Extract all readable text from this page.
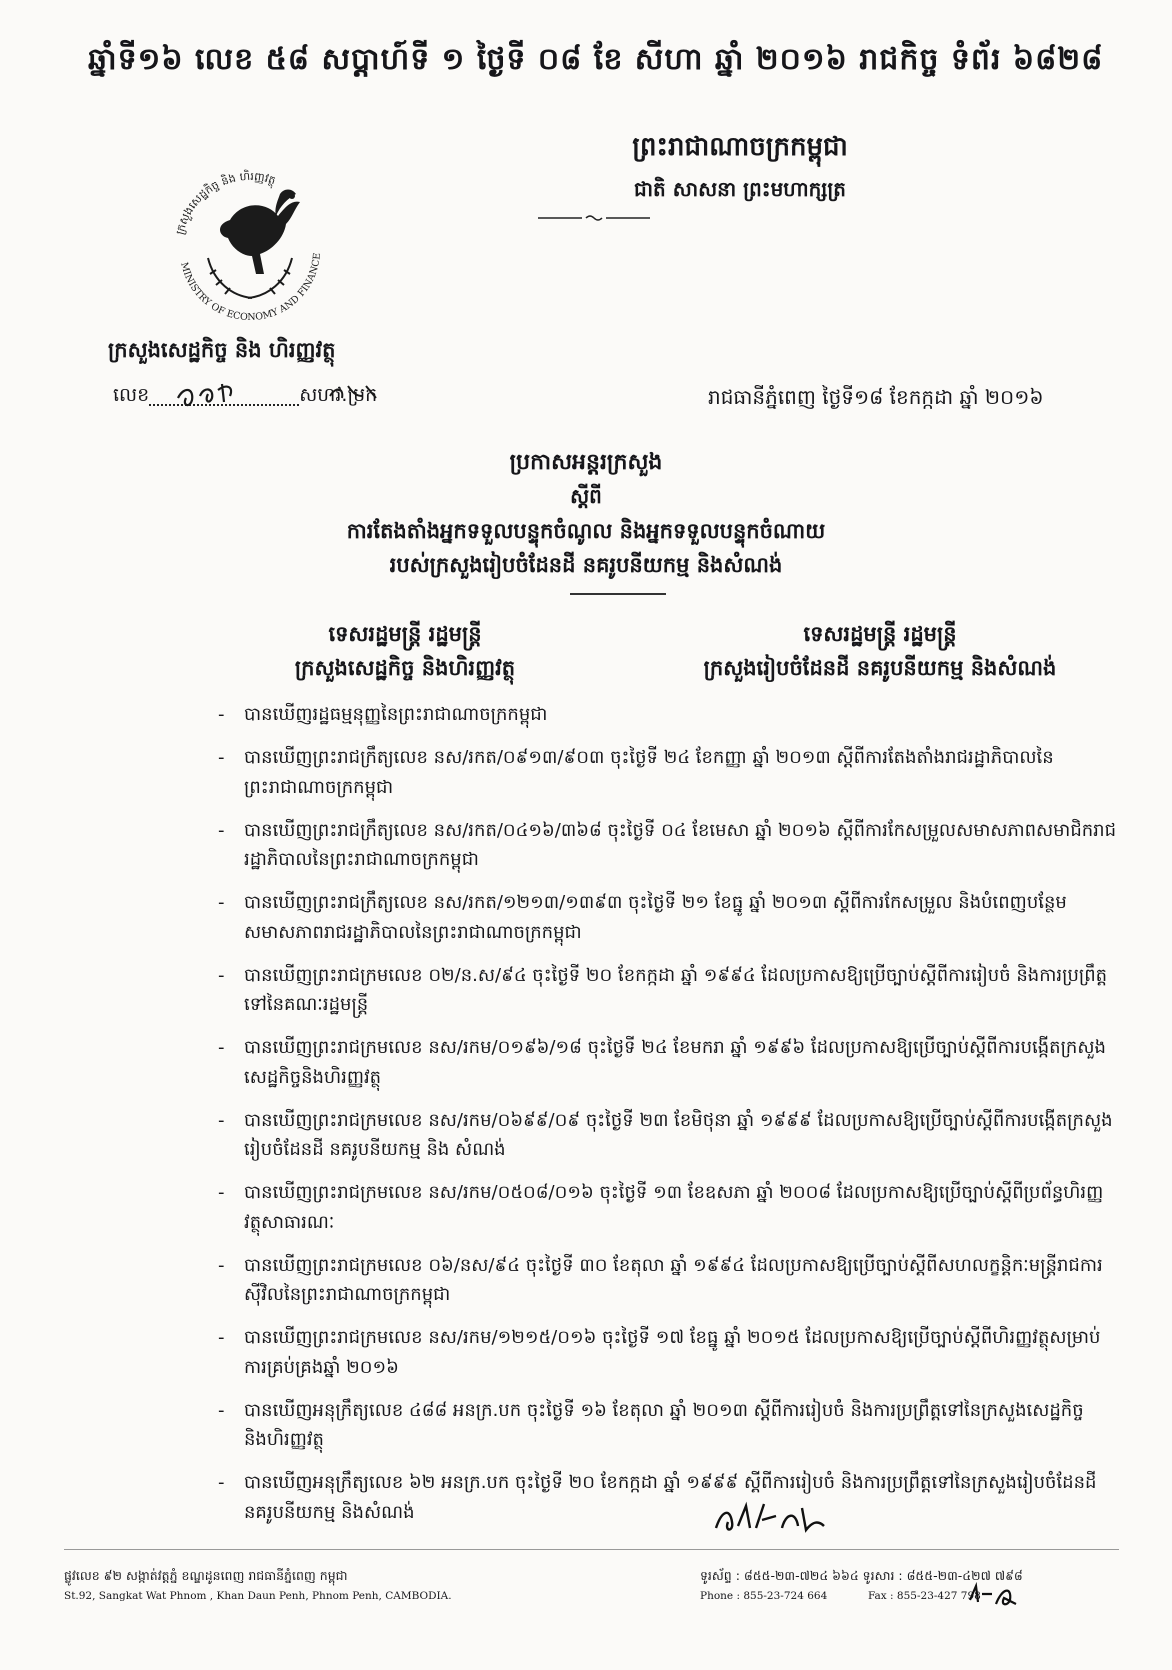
ឆ្នាំទី១៦ លេខ ៥៨ សប្តាហ៍ទី ១ ថ្ងៃទី ០៨ ខែ សីហា ឆ្នាំ ២០១៦ រាជកិច្ច ទំព័រ ៦៨២៨
ក្រសួងសេដ្ឋកិច្ច និង ហិរញ្ញវត្ថុ
MINISTRY OF ECONOMY AND FINANCE
ព្រះរាជាណាចក្រកម្ពុជា
ជាតិ សាសនា ព្រះមហាក្សត្រ
ក្រសួងសេដ្ឋកិច្ច និង ហិរញ្ញវត្ថុ
លេខ	សហវ.ប្រក	រាជធានីភ្នំពេញ ថ្ងៃទី១៨ ខែកក្កដា ឆ្នាំ ២០១៦
ប្រកាសអន្តរក្រសួង
ស្តីពី
ការតែងតាំងអ្នកទទួលបន្ទុកចំណូល និងអ្នកទទួលបន្ទុកចំណាយ
របស់ក្រសួងរៀបចំដែនដី នគរូបនីយកម្ម និងសំណង់
ទេសរដ្ឋមន្ត្រី រដ្ឋមន្ត្រី
ក្រសួងសេដ្ឋកិច្ច និងហិរញ្ញវត្ថុ
ទេសរដ្ឋមន្ត្រី រដ្ឋមន្ត្រី
ក្រសួងរៀបចំដែនដី នគរូបនីយកម្ម និងសំណង់
- បានឃើញរដ្ឋធម្មនុញ្ញនៃព្រះរាជាណាចក្រកម្ពុជា
- បានឃើញព្រះរាជក្រឹត្យលេខ នស/រកត/០៩១៣/៩០៣ ចុះថ្ងៃទី ២៤ ខែកញ្ញា ឆ្នាំ ២០១៣ ស្តីពីការតែងតាំងរាជរដ្ឋាភិបាលនៃព្រះរាជាណាចក្រកម្ពុជា
- បានឃើញព្រះរាជក្រឹត្យលេខ នស/រកត/០៤១៦/៣៦៨ ចុះថ្ងៃទី ០៤ ខែមេសា ឆ្នាំ ២០១៦ ស្តីពីការកែសម្រួលសមាសភាពសមាជិករាជរដ្ឋាភិបាលនៃព្រះរាជាណាចក្រកម្ពុជា
- បានឃើញព្រះរាជក្រឹត្យលេខ នស/រកត/១២១៣/១៣៩៣ ចុះថ្ងៃទី ២១ ខែធ្នូ ឆ្នាំ ២០១៣ ស្តីពីការកែសម្រួល និងបំពេញបន្ថែមសមាសភាពរាជរដ្ឋាភិបាលនៃព្រះរាជាណាចក្រកម្ពុជា
- បានឃើញព្រះរាជក្រមលេខ ០២/ន.ស/៩៤ ចុះថ្ងៃទី ២០ ខែកក្កដា ឆ្នាំ ១៩៩៤ ដែលប្រកាសឱ្យប្រើច្បាប់ស្តីពីការរៀបចំ និងការប្រព្រឹត្តទៅនៃគណៈរដ្ឋមន្ត្រី
- បានឃើញព្រះរាជក្រមលេខ នស/រកម/០១៩៦/១៨ ចុះថ្ងៃទី ២៤ ខែមករា ឆ្នាំ ១៩៩៦ ដែលប្រកាសឱ្យប្រើច្បាប់ស្តីពីការបង្កើតក្រសួងសេដ្ឋកិច្ចនិងហិរញ្ញវត្ថុ
- បានឃើញព្រះរាជក្រមលេខ នស/រកម/០៦៩៩/០៩ ចុះថ្ងៃទី ២៣ ខែមិថុនា ឆ្នាំ ១៩៩៩ ដែលប្រកាសឱ្យប្រើច្បាប់ស្តីពីការបង្កើតក្រសួងរៀបចំដែនដី នគរូបនីយកម្ម និង សំណង់
- បានឃើញព្រះរាជក្រមលេខ នស/រកម/០៥០៨/០១៦ ចុះថ្ងៃទី ១៣ ខែឧសភា ឆ្នាំ ២០០៨ ដែលប្រកាសឱ្យប្រើច្បាប់ស្តីពីប្រព័ន្ធហិរញ្ញវត្ថុសាធារណៈ
- បានឃើញព្រះរាជក្រមលេខ ០៦/នស/៩៤ ចុះថ្ងៃទី ៣០ ខែតុលា ឆ្នាំ ១៩៩៤ ដែលប្រកាសឱ្យប្រើច្បាប់ស្តីពីសហលក្ខន្តិកៈមន្ត្រីរាជការស៊ីវិលនៃព្រះរាជាណាចក្រកម្ពុជា
- បានឃើញព្រះរាជក្រមលេខ នស/រកម/១២១៥/០១៦ ចុះថ្ងៃទី ១៧ ខែធ្នូ ឆ្នាំ ២០១៥ ដែលប្រកាសឱ្យប្រើច្បាប់ស្តីពីហិរញ្ញវត្ថុសម្រាប់ការគ្រប់គ្រងឆ្នាំ ២០១៦
- បានឃើញអនុក្រឹត្យលេខ ៤៨៨ អនក្រ.បក ចុះថ្ងៃទី ១៦ ខែតុលា ឆ្នាំ ២០១៣ ស្តីពីការរៀបចំ និងការប្រព្រឹត្តទៅនៃក្រសួងសេដ្ឋកិច្ចនិងហិរញ្ញវត្ថុ
- បានឃើញអនុក្រឹត្យលេខ ៦២ អនក្រ.បក ចុះថ្ងៃទី ២០ ខែកក្កដា ឆ្នាំ ១៩៩៩ ស្តីពីការរៀបចំ និងការប្រព្រឹត្តទៅនៃក្រសួងរៀបចំដែនដី នគរូបនីយកម្ម និងសំណង់
ផ្លូវលេខ ៩២ សង្កាត់វត្តភ្នំ ខណ្ឌដូនពេញ រាជធានីភ្នំពេញ កម្ពុជា
St.92, Sangkat Wat Phnom , Khan Daun Penh, Phnom Penh, CAMBODIA.
ទូរស័ព្ទ : ៨៥៥-២៣-៧២៤ ៦៦៤ ទូរសារ : ៨៥៥-២៣-៤២៧ ៧៩៨
Phone : 855-23-724 664	Fax : 855-23-427 798
